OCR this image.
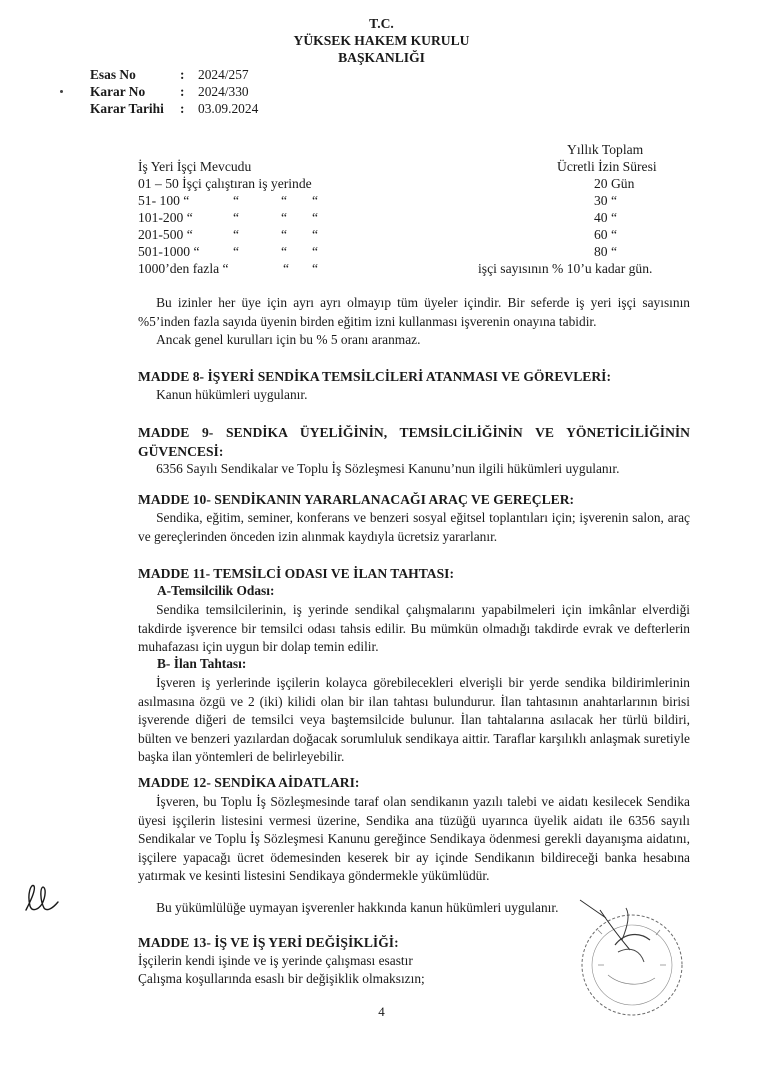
T.C.
YÜKSEK HAKEM KURULU
BAŞKANLIĞI
Esas No	:	2024/257
Karar No	:	2024/330
Karar Tarihi	:	03.09.2024
Yıllık Toplam
İş Yeri İşçi Mevcudu	Ücretli İzin Süresi
01 – 50 İşçi çalıştıran iş yerinde	20 Gün
51- 100 “	“	“ “	30 “
101-200 “	“	“ “	40 “
201-500 “	“	“ “	60 “
501-1000 “ “	“ “	80 “
1000’den fazla “	“ “	işçi sayısının % 10’u kadar gün.
Bu izinler her üye için ayrı ayrı olmayıp tüm üyeler içindir. Bir seferde iş yeri işçi sayısının %5’inden fazla sayıda üyenin birden eğitim izni kullanması işverenin onayına tabidir.
Ancak genel kurulları için bu % 5 oranı aranmaz.
MADDE 8- İŞYERİ SENDİKA TEMSİLCİLERİ ATANMASI VE GÖREVLERİ:
Kanun hükümleri uygulanır.
MADDE 9- SENDİKA ÜYELİĞİNİN, TEMSİLCİLİĞİNİN VE YÖNETİCİLİĞİNİN GÜVENCESİ:
6356 Sayılı Sendikalar ve Toplu İş Sözleşmesi Kanunu’nun ilgili hükümleri uygulanır.
MADDE 10- SENDİKANIN YARARLANACAĞI ARAÇ VE GEREÇLER:
Sendika, eğitim, seminer, konferans ve benzeri sosyal eğitsel toplantıları için; işverenin salon, araç ve gereçlerinden önceden izin alınmak kaydıyla ücretsiz yararlanır.
MADDE 11- TEMSİLCİ ODASI VE İLAN TAHTASI:
A-Temsilcilik Odası:
Sendika temsilcilerinin, iş yerinde sendikal çalışmalarını yapabilmeleri için imkânlar elverdiği takdirde işverence bir temsilci odası tahsis edilir. Bu mümkün olmadığı takdirde evrak ve defterlerin muhafazası için uygun bir dolap temin edilir.
B- İlan Tahtası:
İşveren iş yerlerinde işçilerin kolayca görebilecekleri elverişli bir yerde sendika bildirimlerinin asılmasına özgü ve 2 (iki) kilidi olan bir ilan tahtası bulundurur. İlan tahtasının anahtarlarının birisi işverende diğeri de temsilci veya baştemsilcide bulunur. İlan tahtalarına asılacak her türlü bildiri, bülten ve benzeri yazılardan doğacak sorumluluk sendikaya aittir. Taraflar karşılıklı anlaşmak suretiyle başka ilan yöntemleri de belirleyebilir.
MADDE 12- SENDİKA AİDATLARI:
İşveren, bu Toplu İş Sözleşmesinde taraf olan sendikanın yazılı talebi ve aidatı kesilecek Sendika üyesi işçilerin listesini vermesi üzerine, Sendika ana tüzüğü uyarınca üyelik aidatı ile 6356 sayılı Sendikalar ve Toplu İş Sözleşmesi Kanunu gereğince Sendikaya ödenmesi gerekli dayanışma aidatını, işçilere yapacağı ücret ödemesinden keserek bir ay içinde Sendikanın bildireceği banka hesabına yatırmak ve kesinti listesini Sendikaya göndermekle yükümlüdür.
Bu yükümlülüğe uymayan işverenler hakkında kanun hükümleri uygulanır.
MADDE 13- İŞ VE İŞ YERİ DEĞİŞİKLİĞİ:
İşçilerin kendi işinde ve iş yerinde çalışması esastır
Çalışma koşullarında esaslı bir değişiklik olmaksızın;
4
